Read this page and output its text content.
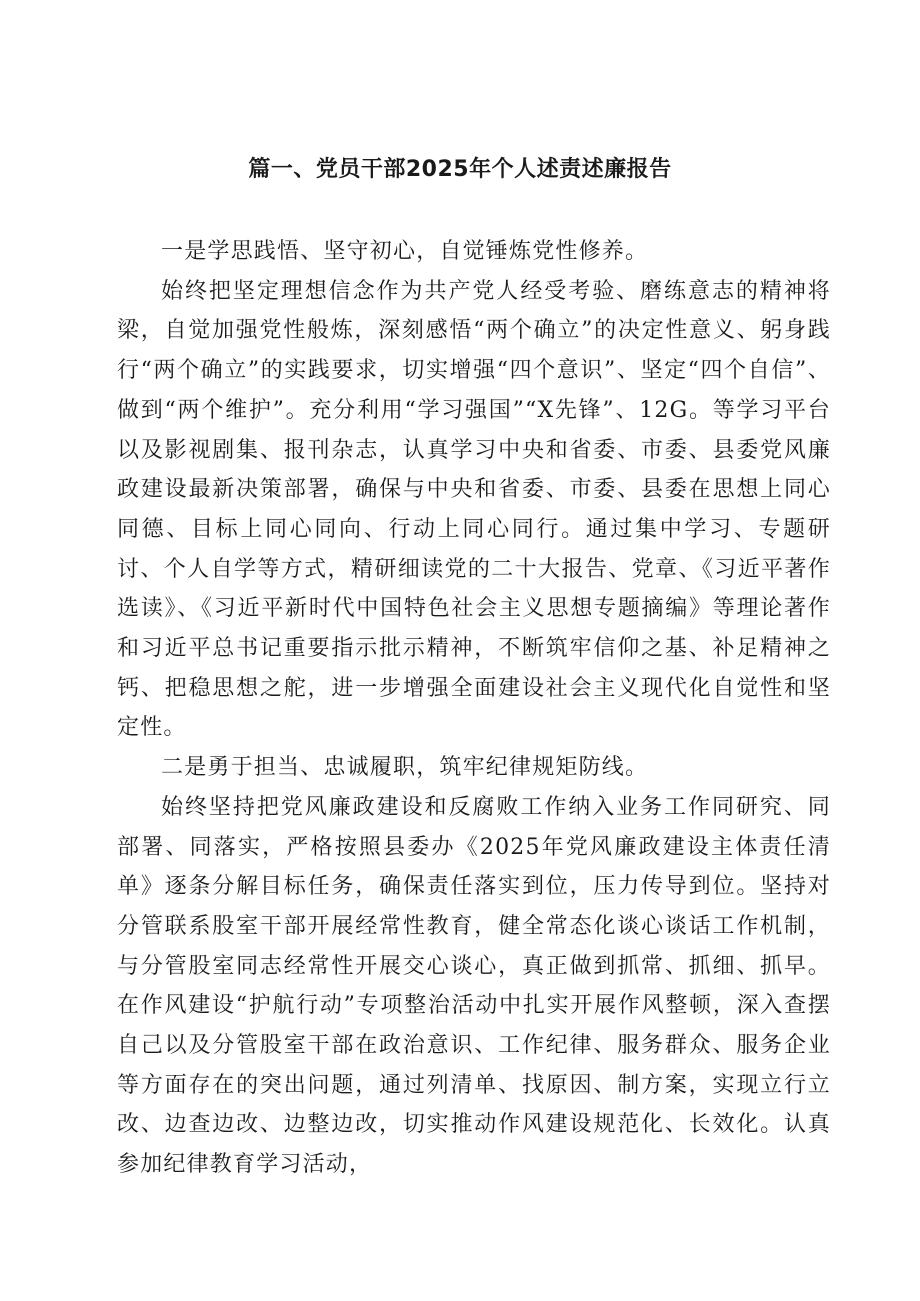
篇一、党员干部2025年个人述责述廉报告

一是学思践悟、坚守初心，自觉锤炼党性修养。

始终把坚定理想信念作为共产党人经受考验、磨练意志的精神将梁，自觉加强党性般炼，深刻感悟“两个确立”的决定性意义、躬身践行“两个确立”的实践要求，切实增强“四个意识”、坚定“四个自信”、做到“两个维护”。充分利用“学习强国”“X先锋”、12G。等学习平台以及影视剧集、报刊杂志，认真学习中央和省委、市委、县委党风廉政建设最新决策部署，确保与中央和省委、市委、县委在思想上同心同德、目标上同心同向、行动上同心同行。通过集中学习、专题研讨、个人自学等方式，精研细读党的二十大报告、党章、《习近平著作选读》、《习近平新时代中国特色社会主义思想专题摘编》等理论著作和习近平总书记重要指示批示精神，不断筑牢信仰之基、补足精神之钙、把稳思想之舵，进一步增强全面建设社会主义现代化自觉性和坚定性。

二是勇于担当、忠诚履职，筑牢纪律规矩防线。

始终坚持把党风廉政建设和反腐败工作纳入业务工作同研究、同部署、同落实，严格按照县委办《2025年党风廉政建设主体责任清单》逐条分解目标任务，确保责任落实到位，压力传导到位。坚持对分管联系股室干部开展经常性教育，健全常态化谈心谈话工作机制，与分管股室同志经常性开展交心谈心，真正做到抓常、抓细、抓早。在作风建设“护航行动”专项整治活动中扎实开展作风整顿，深入查摆自己以及分管股室干部在政治意识、工作纪律、服务群众、服务企业等方面存在的突出问题，通过列清单、找原因、制方案，实现立行立改、边查边改、边整边改，切实推动作风建设规范化、长效化。认真参加纪律教育学习活动，
